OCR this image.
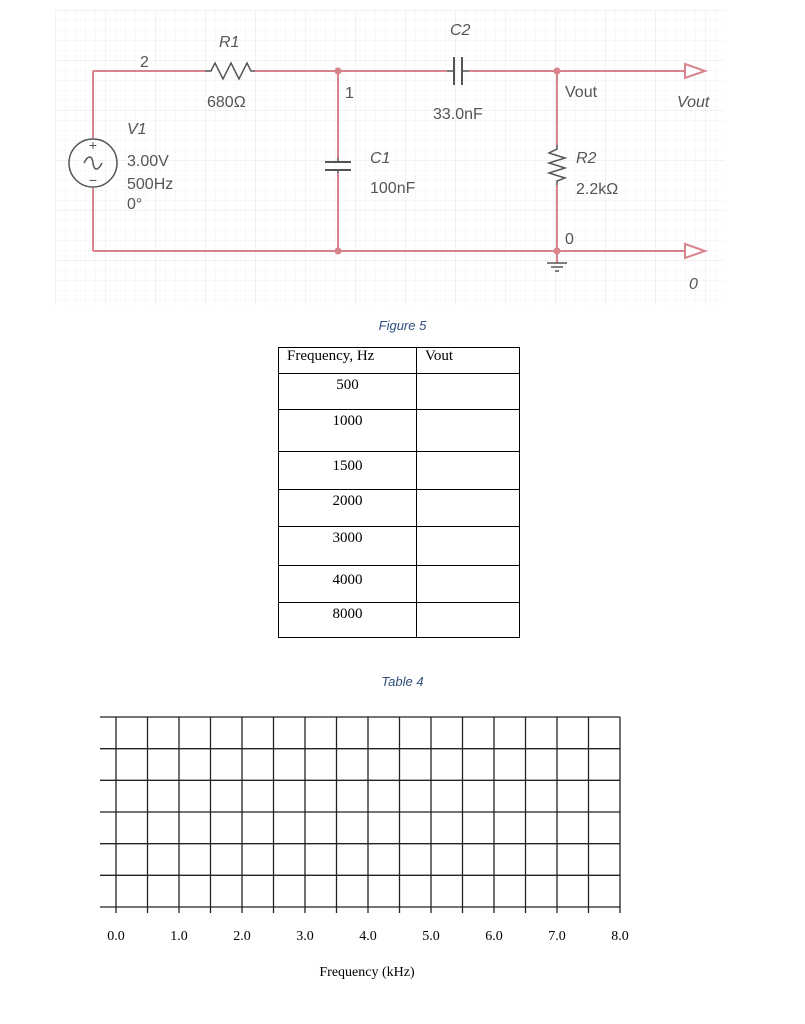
+
−
2
1
R1
680Ω
C2
33.0nF
C1
100nF
Vout
R2
2.2kΩ
0
V1
3.00V
500Hz
0°
Vout
0
Figure 5
Frequency, Hz	Vout

500	

1000	

1500	

2000	

3000	

4000	

8000	

Table 4
0.0	1.0	2.0	3.0	4.0	5.0	6.0	7.0	8.0
Frequency (kHz)
